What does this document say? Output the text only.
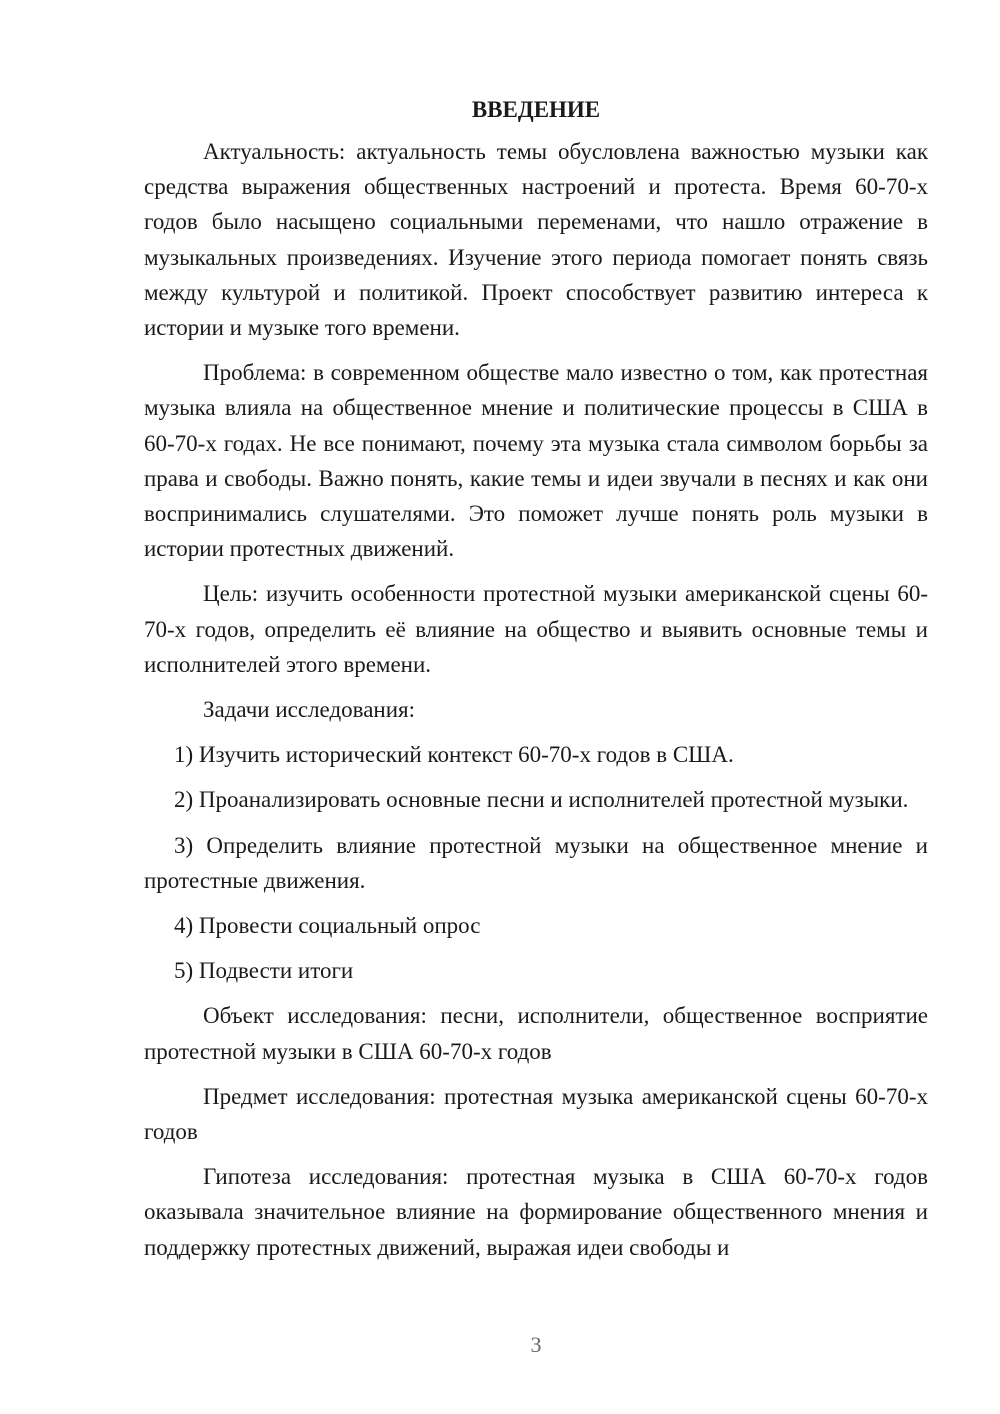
ВВЕДЕНИЕ

Актуальность: актуальность темы обусловлена важностью музыки как средства выражения общественных настроений и протеста. Время 60-70-х годов было насыщено социальными переменами, что нашло отражение в музыкальных произведениях. Изучение этого периода помогает понять связь между культурой и политикой. Проект способствует развитию интереса к истории и музыке того времени.

Проблема: в современном обществе мало известно о том, как протестная музыка влияла на общественное мнение и политические процессы в США в 60-70-х годах. Не все понимают, почему эта музыка стала символом борьбы за права и свободы. Важно понять, какие темы и идеи звучали в песнях и как они воспринимались слушателями. Это поможет лучше понять роль музыки в истории протестных движений.

Цель: изучить особенности протестной музыки американской сцены 60-70-х годов, определить её влияние на общество и выявить основные темы и исполнителей этого времени.

Задачи исследования:

1) Изучить исторический контекст 60-70-х годов в США.

2) Проанализировать основные песни и исполнителей протестной музыки.

3) Определить влияние протестной музыки на общественное мнение и протестные движения.

4) Провести социальный опрос

5) Подвести итоги

Объект исследования: песни, исполнители, общественное восприятие протестной музыки в США 60-70-х годов

Предмет исследования: протестная музыка американской сцены 60-70-х годов

Гипотеза исследования: протестная музыка в США 60-70-х годов оказывала значительное влияние на формирование общественного мнения и поддержку протестных движений, выражая идеи свободы и

3
